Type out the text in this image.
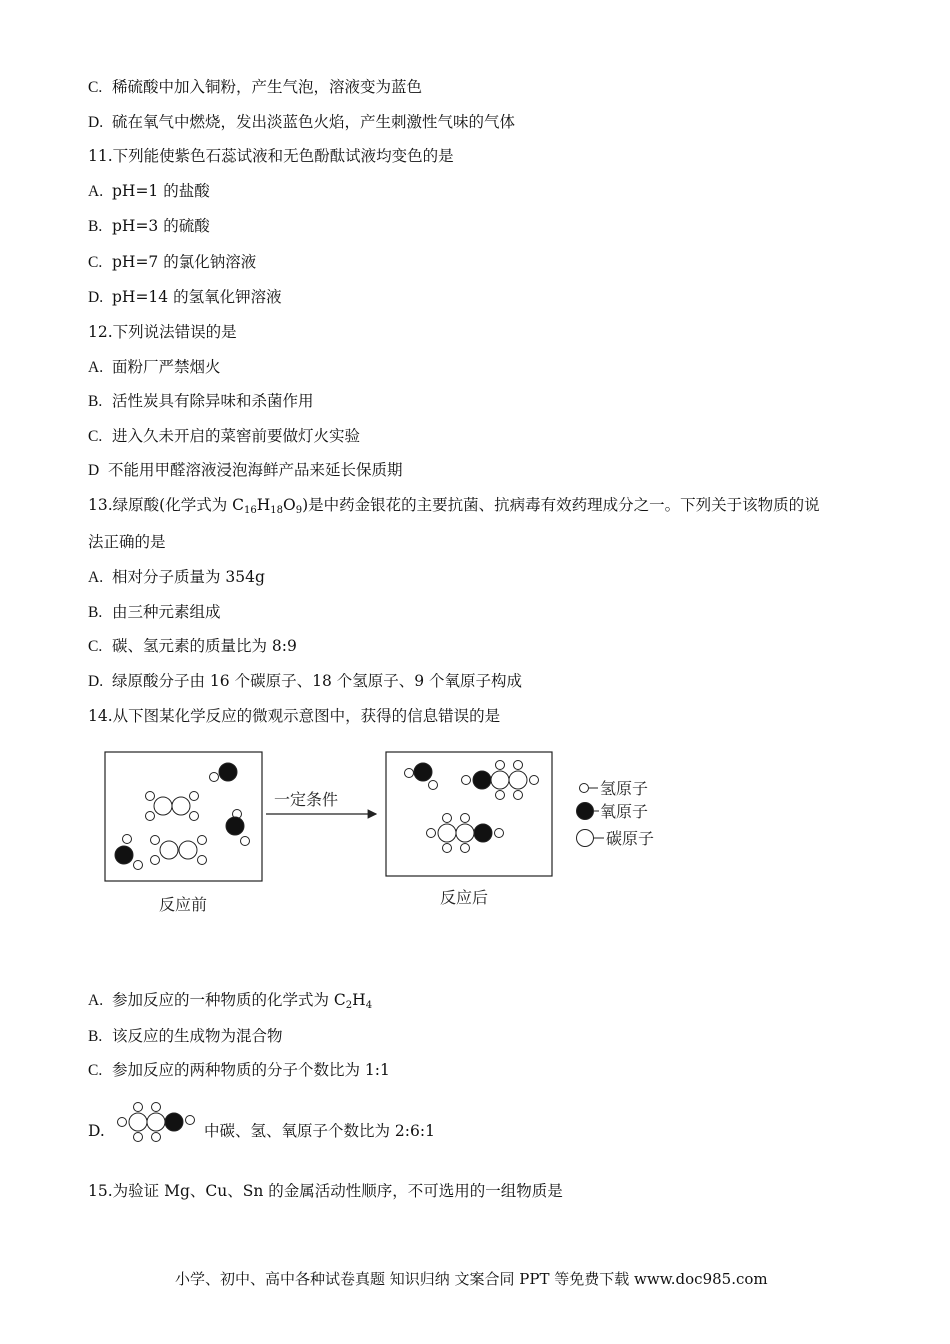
C. 稀硫酸中加入铜粉，产生气泡，溶液变为蓝色
D. 硫在氧气中燃烧，发出淡蓝色火焰，产生刺激性气味的气体
11.下列能使紫色石蕊试液和无色酚酞试液均变色的是
A. pH=1 的盐酸
B. pH=3 的硫酸
C. pH=7 的氯化钠溶液
D. pH=14 的氢氧化钾溶液
12.下列说法错误的是
A. 面粉厂严禁烟火
B. 活性炭具有除异味和杀菌作用
C. 进入久未开启的菜窖前要做灯火实验
D 不能用甲醛溶液浸泡海鲜产品来延长保质期
13.绿原酸(化学式为 $C_{16}H_{18}O_9$)是中药金银花的主要抗菌、抗病毒有效药理成分之一。下列关于该物质的说
法正确的是
A. 相对分子质量为 354g
B. 由三种元素组成
C. 碳、氢元素的质量比为 8:9
D. 绿原酸分子由 16 个碳原子、18 个氢原子、9 个氧原子构成
14.从下图某化学反应的微观示意图中，获得的信息错误的是
一定条件
反应前	反应后
氢原子
氧原子
碳原子
A. 参加反应的一种物质的化学式为 $C_2H_4$
B. 该反应的生成物为混合物
C. 参加反应的两种物质的分子个数比为 1:1
D.	中碳、氢、氧原子个数比为 2:6:1
15.为验证 Mg、Cu、Sn 的金属活动性顺序，不可选用的一组物质是
小学、初中、高中各种试卷真题 知识归纳 文案合同 PPT 等免费下载 www.doc985.com
